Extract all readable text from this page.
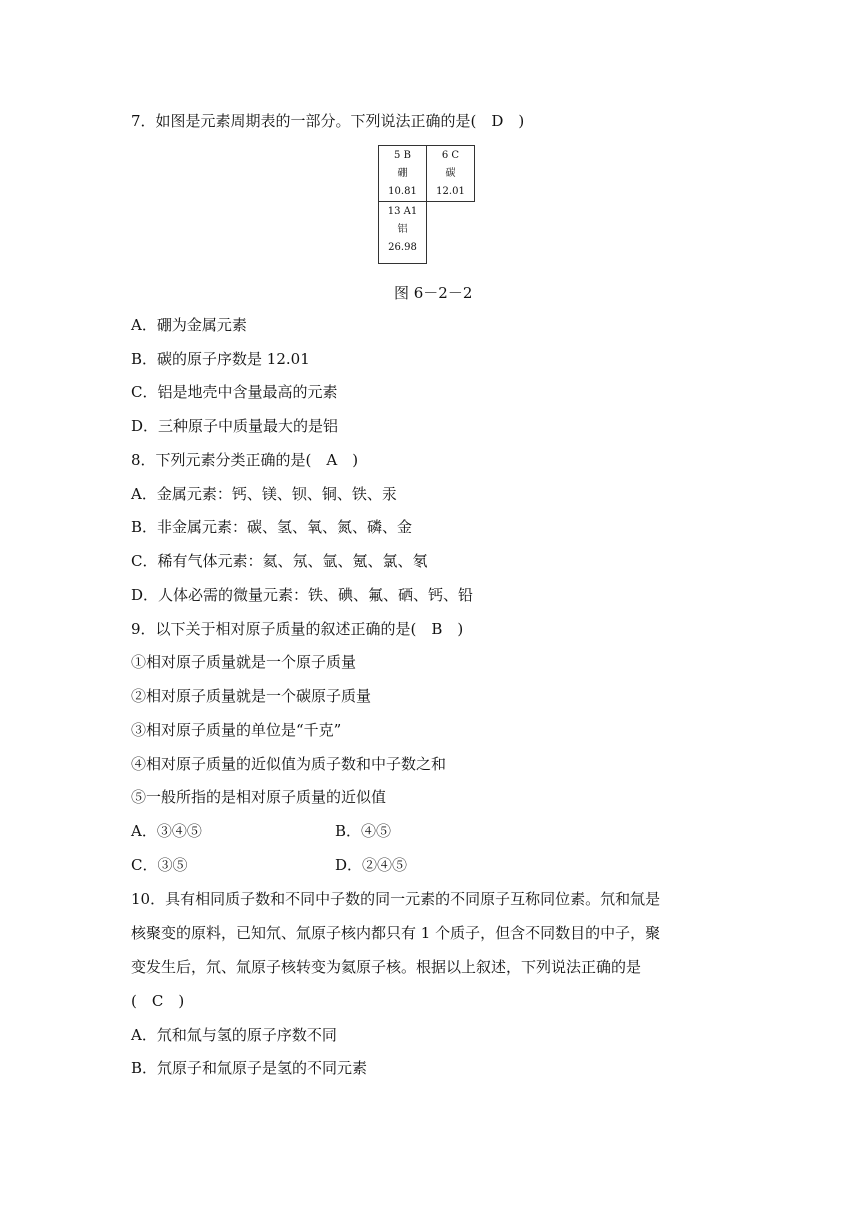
7．如图是元素周期表的一部分。下列说法正确的是(　D　)
5 B
硼
10.81
6 C
碳
12.01
13 A1
铝
26.98
图 6－2－2
A．硼为金属元素
B．碳的原子序数是 12.01
C．铝是地壳中含量最高的元素
D．三种原子中质量最大的是铝
8．下列元素分类正确的是(　A　)
A．金属元素：钙、镁、钡、铜、铁、汞
B．非金属元素：碳、氢、氧、氮、磷、金
C．稀有气体元素：氦、氖、氩、氪、氯、氡
D．人体必需的微量元素：铁、碘、氟、硒、钙、铅
9．以下关于相对原子质量的叙述正确的是(　B　)
①相对原子质量就是一个原子质量
②相对原子质量就是一个碳原子质量
③相对原子质量的单位是“千克”
④相对原子质量的近似值为质子数和中子数之和
⑤一般所指的是相对原子质量的近似值
A．③④⑤	B．④⑤
C．③⑤	D．②④⑤
10．具有相同质子数和不同中子数的同一元素的不同原子互称同位素。氘和氚是
核聚变的原料，已知氘、氚原子核内都只有 1 个质子，但含不同数目的中子，聚
变发生后，氘、氚原子核转变为氦原子核。根据以上叙述，下列说法正确的是
(　C　)
A．氘和氚与氢的原子序数不同
B．氘原子和氚原子是氢的不同元素
